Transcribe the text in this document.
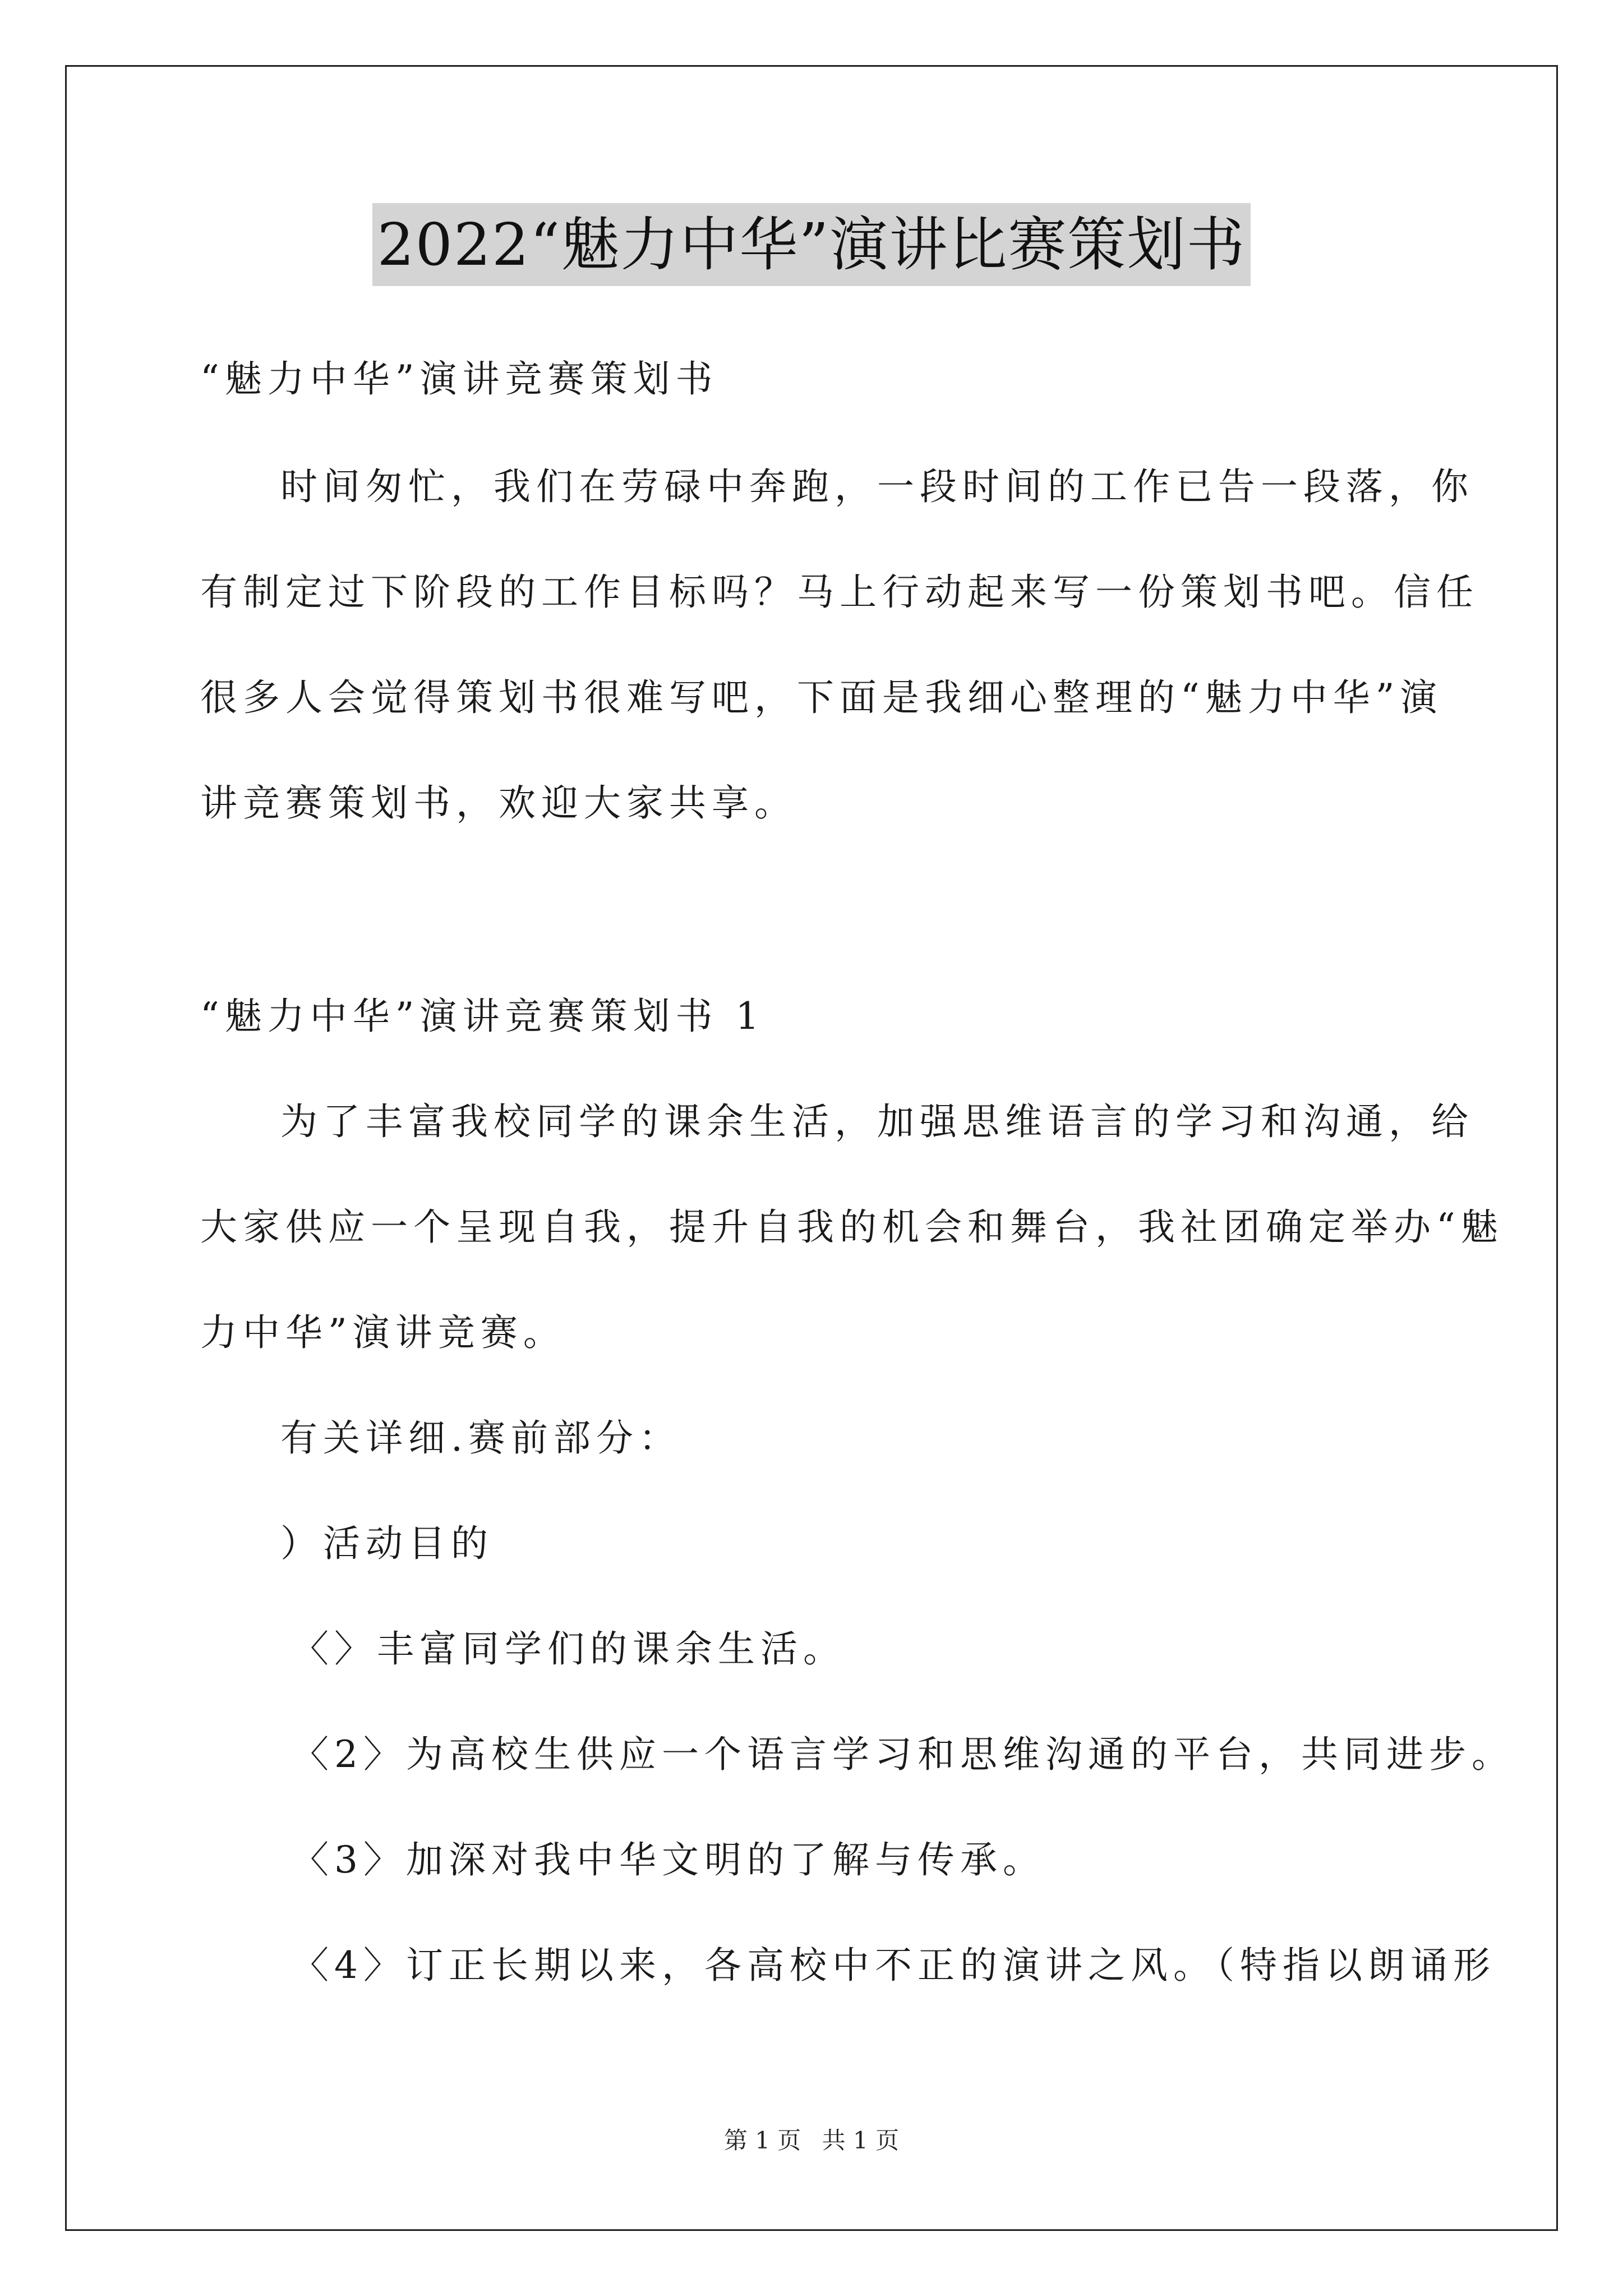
2022“魅力中华”演讲比赛策划书
“魅力中华”演讲竞赛策划书
时间匆忙，我们在劳碌中奔跑，一段时间的工作已告一段落，你
有制定过下阶段的工作目标吗？马上行动起来写一份策划书吧。信任
很多人会觉得策划书很难写吧，下面是我细心整理的“魅力中华”演
讲竞赛策划书，欢迎大家共享。
“魅力中华”演讲竞赛策划书 1
为了丰富我校同学的课余生活，加强思维语言的学习和沟通，给
大家供应一个呈现自我，提升自我的机会和舞台，我社团确定举办“魅
力中华”演讲竞赛。
有关详细.赛前部分：
）活动目的
〈〉丰富同学们的课余生活。
〈2〉为高校生供应一个语言学习和思维沟通的平台，共同进步。
〈3〉加深对我中华文明的了解与传承。
〈4〉订正长期以来，各高校中不正的演讲之风。（特指以朗诵形
第 1 页 共 1 页
